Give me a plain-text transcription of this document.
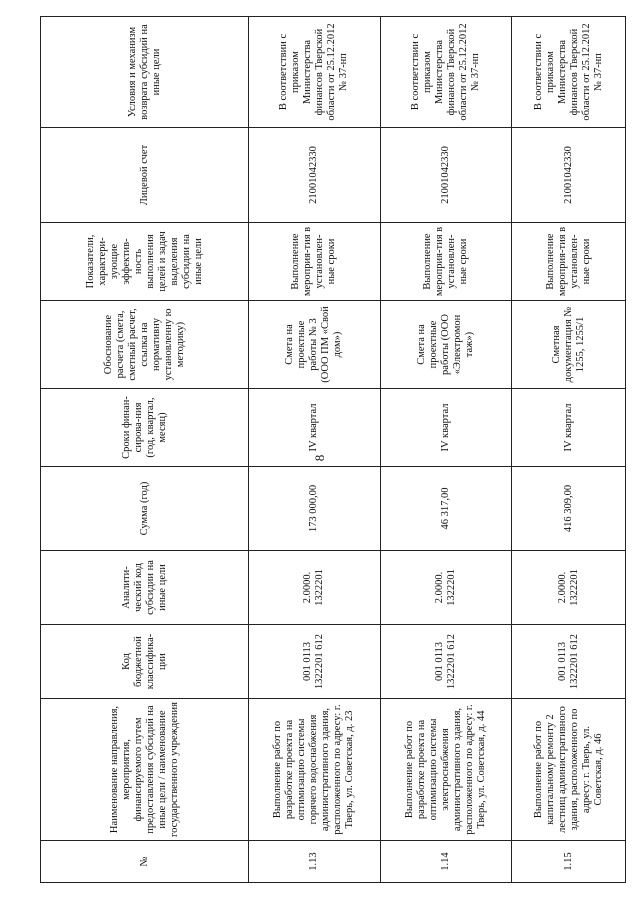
8
№	Наименование направления, мероприятия, финансируемого путем предоставления субсидий на иные цели / наименование государственного учреждения	Код бюджетной классифика-ции	Аналити-ческий код субсидии на иные цели	Сумма (год)	Сроки финан-сирова-ния (год, квартал, месяц)	Обоснование расчета (смета, сметный расчет, ссылка на нормативну установленну ю методику)	Показатели, характери-зующие эффектив-ность выполнения целей и задач выделения субсидии на иные цели	Лицевой счет	Условия и механизм возврата субсидий на иные цели
1.13	Выполнение работ по разработке проекта на оптимизацию системы горячего водоснабжения административного здания, расположенного по адресу: г. Тверь, ул. Советская, д. 23	001 0113 1322201 612	2.0000. 1322201	173 000,00	IV квартал	Смета на проектные работы № 3 (ООО ПМ «Свой дом»)	Выполнение мероприя-тия в установлен-ные сроки	21001042330	В соответствии с приказом Министерства финансов Тверской области от 25.12.2012 № 37-нп
1.14	Выполнение работ по разработке проекта на оптимизацию системы электроснабжения административного здания, расположенного по адресу: г. Тверь, ул. Советская, д. 44	001 0113 1322201 612	2.0000. 1322201	46 317,00	IV квартал	Смета на проектные работы (ООО «Электромон таж»)	Выполнение мероприя-тия в установлен-ные сроки	21001042330	В соответствии с приказом Министерства финансов Тверской области от 25.12.2012 № 37-нп
1.15	Выполнение работ по капитальному ремонту 2 лестниц административного здания, расположенного по адресу: г. Тверь, ул. Советская, д. 46	001 0113 1322201 612	2.0000. 1322201	416 309,00	IV квартал	Сметная документация № 1255, 1255/1	Выполнение мероприя-тия в установлен-ные сроки	21001042330	В соответствии с приказом Министерства финансов Тверской области от 25.12.2012 № 37-нп
